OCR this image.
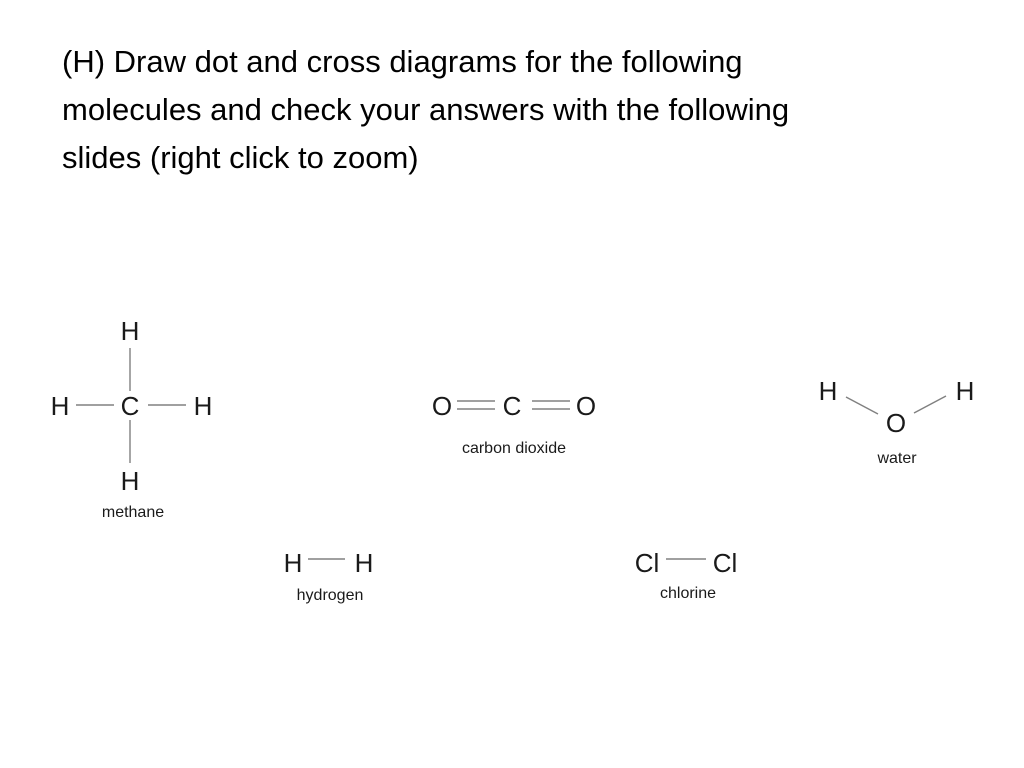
(H) Draw dot and cross diagrams for the following
molecules and check your answers with the following
slides (right click to zoom)
H
C
H	H
H
methane
O C O
carbon dioxide
H
O
H
water
H H
hydrogen
Cl Cl
chlorine
